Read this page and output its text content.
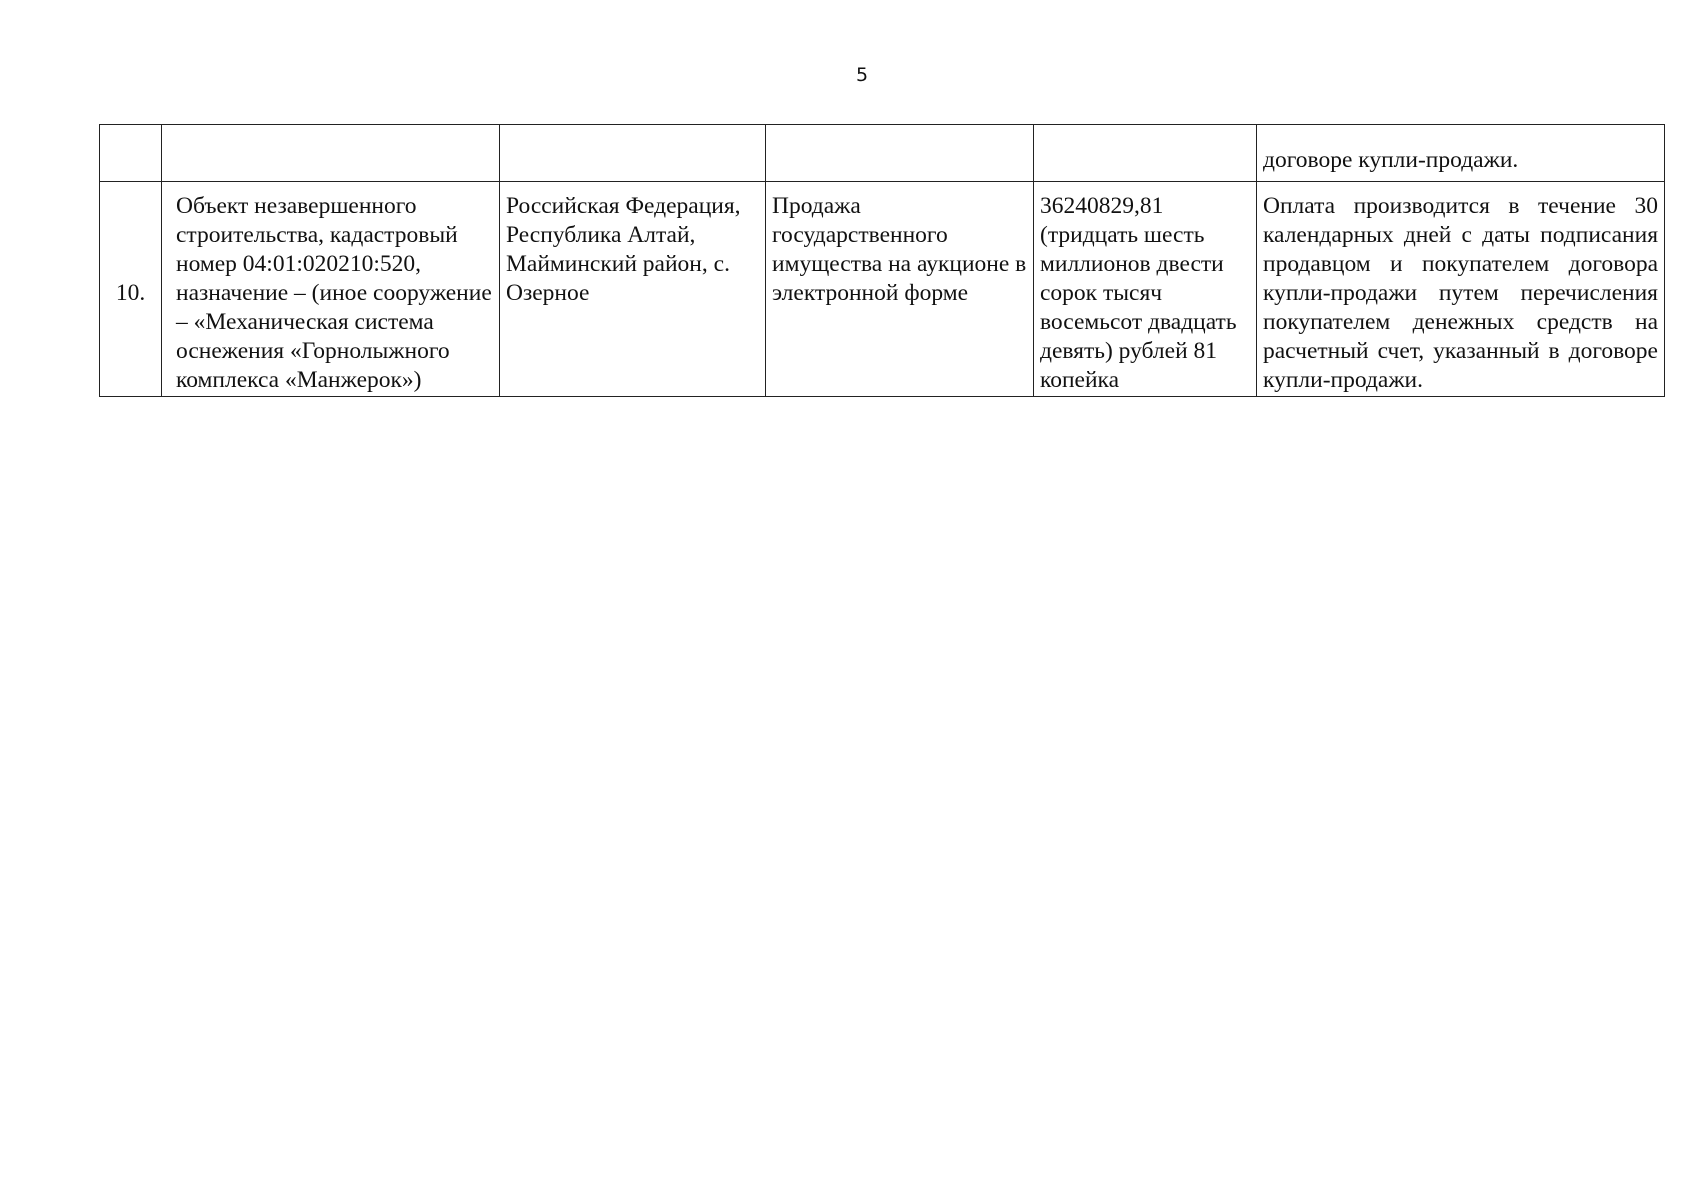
5
					договоре купли-продажи.
10.	Объект незавершенного строительства, кадастровый номер 04:01:020210:520, назначение – (иное сооружение – «Механическая система оснежения «Горнолыжного комплекса «Манжерок»)	Российская Федерация, Республика Алтай, Майминский район, с. Озерное	Продажа государственного имущества на аукционе в электронной форме	36240829,81 (тридцать шесть миллионов двести сорок тысяч восемьсот двадцать девять) рублей 81 копейка	Оплата производится в течение 30 календарных дней с даты подписания продавцом и покупателем договора купли-продажи путем перечисления покупателем денежных средств на расчетный счет, указанный в договоре купли-продажи.
